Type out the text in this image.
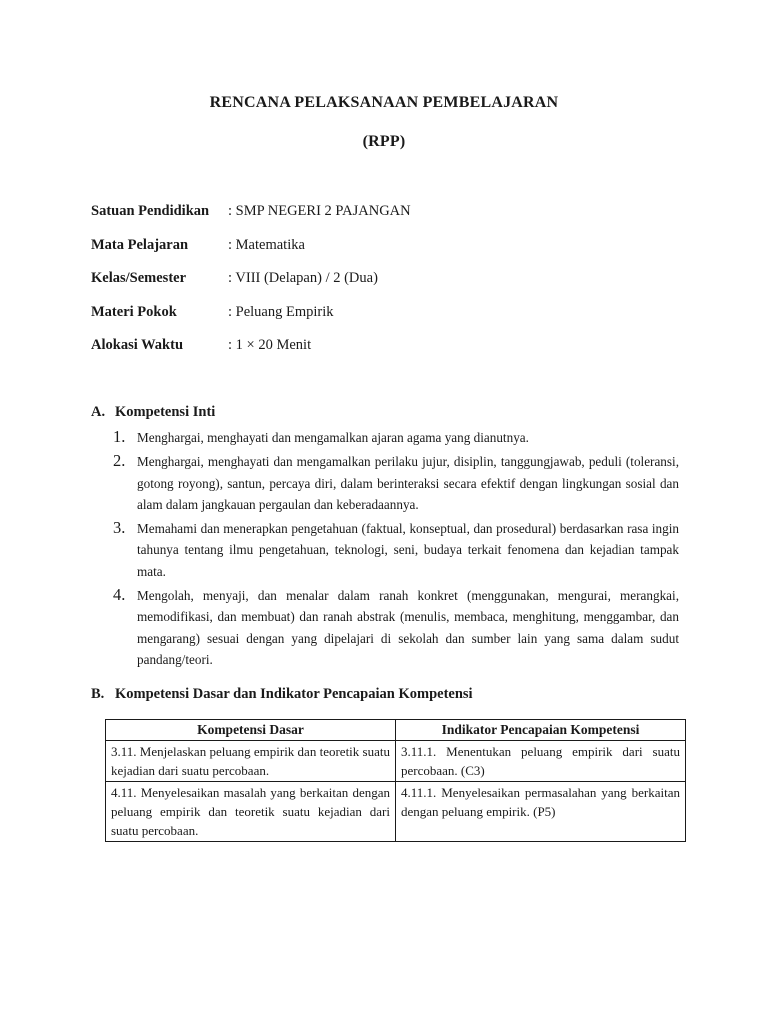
RENCANA PELAKSANAAN PEMBELAJARAN
(RPP)
Satuan Pendidikan	: SMP NEGERI 2 PAJANGAN
Mata Pelajaran	: Matematika
Kelas/Semester	: VIII (Delapan) / 2 (Dua)
Materi Pokok	: Peluang Empirik
Alokasi Waktu	: 1 × 20 Menit
A. Kompetensi Inti
1. Menghargai, menghayati dan mengamalkan ajaran agama yang dianutnya.
2. Menghargai, menghayati dan mengamalkan perilaku jujur, disiplin, tanggungjawab, peduli (toleransi, gotong royong), santun, percaya diri, dalam berinteraksi secara efektif dengan lingkungan sosial dan alam dalam jangkauan pergaulan dan keberadaannya.
3. Memahami dan menerapkan pengetahuan (faktual, konseptual, dan prosedural) berdasarkan rasa ingin tahunya tentang ilmu pengetahuan, teknologi, seni, budaya terkait fenomena dan kejadian tampak mata.
4. Mengolah, menyaji, dan menalar dalam ranah konkret (menggunakan, mengurai, merangkai, memodifikasi, dan membuat) dan ranah abstrak (menulis, membaca, menghitung, menggambar, dan mengarang) sesuai dengan yang dipelajari di sekolah dan sumber lain yang sama dalam sudut pandang/teori.
B. Kompetensi Dasar dan Indikator Pencapaian Kompetensi
Kompetensi Dasar	Indikator Pencapaian Kompetensi
3.11. Menjelaskan peluang empirik dan teoretik suatu kejadian dari suatu percobaan.	3.11.1. Menentukan peluang empirik dari suatu percobaan. (C3)
4.11. Menyelesaikan masalah yang berkaitan dengan peluang empirik dan teoretik suatu kejadian dari suatu percobaan.	4.11.1. Menyelesaikan permasalahan yang berkaitan dengan peluang empirik. (P5)
